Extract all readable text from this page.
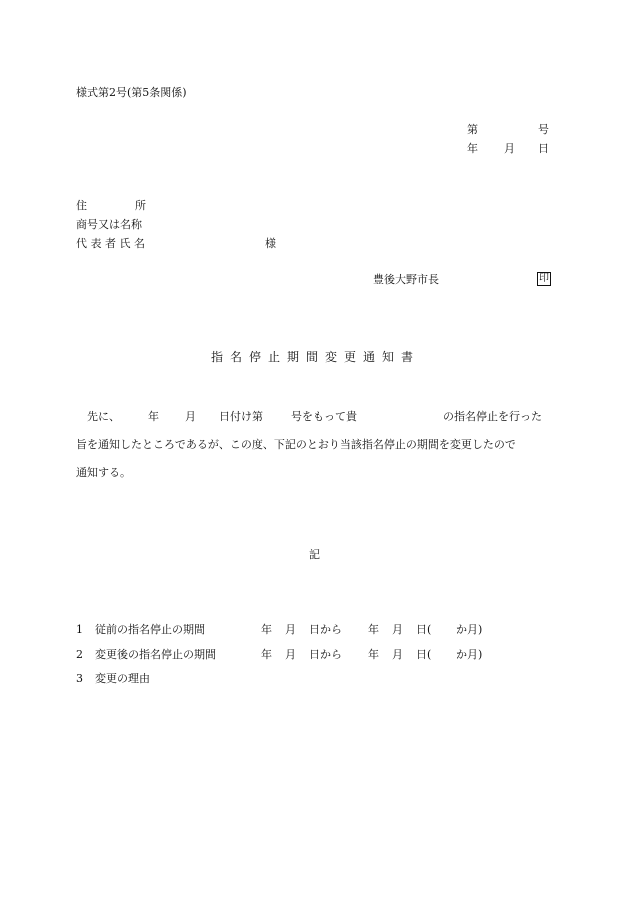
様式第2号(第5条関係)
第	号
年 月 日
住	所
商号又は名称
代 表 者 氏 名	様
豊後大野市長	印
指名停止期間変更通知書
先に、	年 月 日付け第	号をもって貴	の指名停止を行った
旨を通知したところであるが、この度、下記のとおり当該指名停止の期間を変更したので
通知する。
記
1 従前の指名停止の期間	年 月 日から 年 月 日( か月)
2 変更後の指名停止の期間	年 月 日から 年 月 日( か月)
3 変更の理由
